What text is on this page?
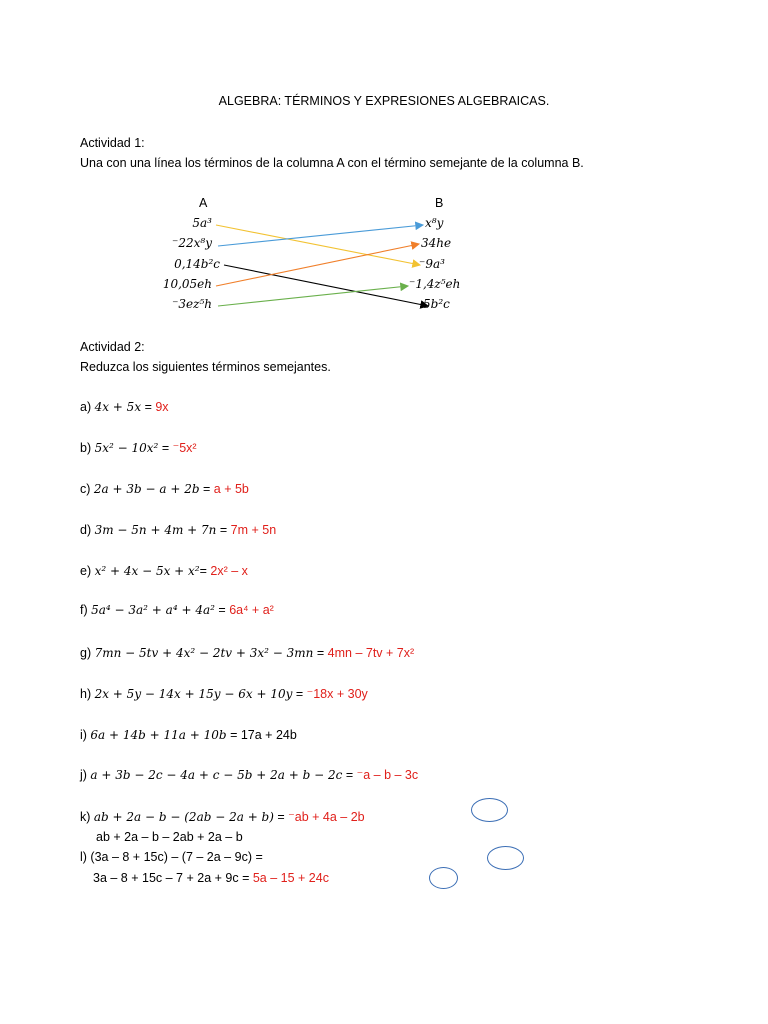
ALGEBRA: TÉRMINOS Y EXPRESIONES ALGEBRAICAS.
Actividad 1:
Una con una línea los términos de la columna A con el término semejante de la columna B.
A	B
5a³
⁻22x⁸y
0,14b²c
10,05eh
⁻3ez⁵h
x⁸y
34he
⁻9a³
⁻1,4z⁵eh
5b²c
Actividad 2:
Reduzca los siguientes términos semejantes.
a) 4x + 5x = 9x
b) 5x² − 10x² = ⁻5x²
c) 2a + 3b − a + 2b = a + 5b
d) 3m − 5n + 4m + 7n = 7m + 5n
e) x² + 4x − 5x + x²= 2x² – x
f) 5a⁴ − 3a² + a⁴ + 4a² = 6a⁴ + a²
g) 7mn − 5tv + 4x² − 2tv + 3x² − 3mn = 4mn – 7tv + 7x²
h) 2x + 5y − 14x + 15y − 6x + 10y = ⁻18x + 30y
i) 6a + 14b + 11a + 10b = 17a + 24b
j) a + 3b − 2c − 4a + c − 5b + 2a + b − 2c = ⁻a – b – 3c
k) ab + 2a − b − (2ab − 2a + b) = ⁻ab + 4a – 2b
ab + 2a – b – 2ab + 2a – b
l) (3a – 8 + 15c) – (7 – 2a – 9c) =
3a – 8 + 15c – 7 + 2a + 9c = 5a – 15 + 24c
